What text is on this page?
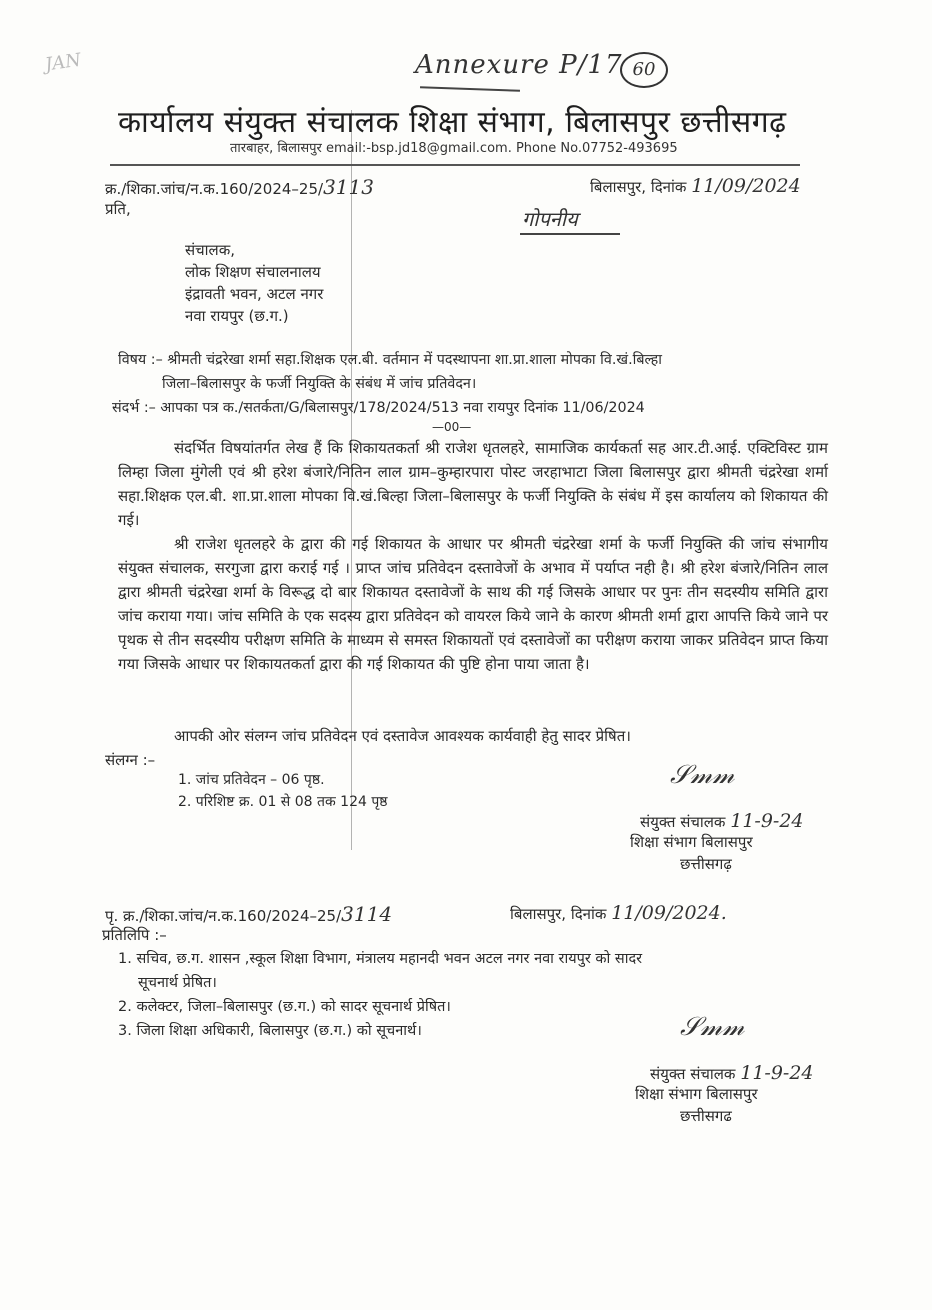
JAN	Annexure P/17 60
कार्यालय संयुक्त संचालक शिक्षा संभाग, बिलासपुर छत्तीसगढ़
तारबाहर, बिलासपुर email:-bsp.jd18@gmail.com. Phone No.07752-493695
क्र./शिका.जांच/न.क.160/2024–25/3113	बिलासपुर, दिनांक 11/09/2024
प्रति,	गोपनीय
संचालक,
लोक शिक्षण संचालनालय
इंद्रावती भवन, अटल नगर
नवा रायपुर (छ.ग.)
विषय :– श्रीमती चंद्ररेखा शर्मा सहा.शिक्षक एल.बी. वर्तमान में पदस्थापना शा.प्रा.शाला मोपका वि.खं.बिल्हा
जिला–बिलासपुर के फर्जी नियुक्ति के संबंध में जांच प्रतिवेदन।
संदर्भ :– आपका पत्र क./सतर्कता/G/बिलासपुर/178/2024/513 नवा रायपुर दिनांक 11/06/2024
—00—
संदर्भित विषयांतर्गत लेख हैं कि शिकायतकर्ता श्री राजेश धृतलहरे, सामाजिक कार्यकर्ता सह आर.टी.आई. एक्टिविस्ट ग्राम लिम्हा जिला मुंगेली एवं श्री हरेश बंजारे/नितिन लाल ग्राम–कुम्हारपारा पोस्ट जरहाभाटा जिला बिलासपुर द्वारा श्रीमती चंद्ररेखा शर्मा सहा.शिक्षक एल.बी. शा.प्रा.शाला मोपका वि.खं.बिल्हा जिला–बिलासपुर के फर्जी नियुक्ति के संबंध में इस कार्यालय को शिकायत की गई।
श्री राजेश धृतलहरे के द्वारा की गई शिकायत के आधार पर श्रीमती चंद्ररेखा शर्मा के फर्जी नियुक्ति की जांच संभागीय संयुक्त संचालक, सरगुजा द्वारा कराई गई । प्राप्त जांच प्रतिवेदन दस्तावेजों के अभाव में पर्याप्त नही है। श्री हरेश बंजारे/नितिन लाल द्वारा श्रीमती चंद्ररेखा शर्मा के विरूद्ध दो बार शिकायत दस्तावेजों के साथ की गई जिसके आधार पर पुनः तीन सदस्यीय समिति द्वारा जांच कराया गया। जांच समिति के एक सदस्य द्वारा प्रतिवेदन को वायरल किये जाने के कारण श्रीमती शर्मा द्वारा आपत्ति किये जाने पर पृथक से तीन सदस्यीय परीक्षण समिति के माध्यम से समस्त शिकायतों एवं दस्तावेजों का परीक्षण कराया जाकर प्रतिवेदन प्राप्त किया गया जिसके आधार पर शिकायतकर्ता द्वारा की गई शिकायत की पुष्टि होना पाया जाता है।
आपकी ओर संलग्न जांच प्रतिवेदन एवं दस्तावेज आवश्यक कार्यवाही हेतु सादर प्रेषित।
संलग्न :–
1. जांच प्रतिवेदन – 06 पृष्ठ.
2. परिशिष्ट क्र. 01 से 08 तक 124 पृष्ठ
𝒮𝓂𝓂
संयुक्त संचालक 11-9-24
शिक्षा संभाग बिलासपुर
छत्तीसगढ़
पृ. क्र./शिका.जांच/न.क.160/2024–25/3114	बिलासपुर, दिनांक 11/09/2024.
प्रतिलिपि :–
1. सचिव, छ.ग. शासन ,स्कूल शिक्षा विभाग, मंत्रालय महानदी भवन अटल नगर नवा रायपुर को सादर
सूचनार्थ प्रेषित।
2. कलेक्टर, जिला–बिलासपुर (छ.ग.) को सादर सूचनार्थ प्रेषित।
3. जिला शिक्षा अधिकारी, बिलासपुर (छ.ग.) को सूचनार्थ।	𝒮𝓂𝓂
संयुक्त संचालक 11-9-24
शिक्षा संभाग बिलासपुर
छत्तीसगढ
